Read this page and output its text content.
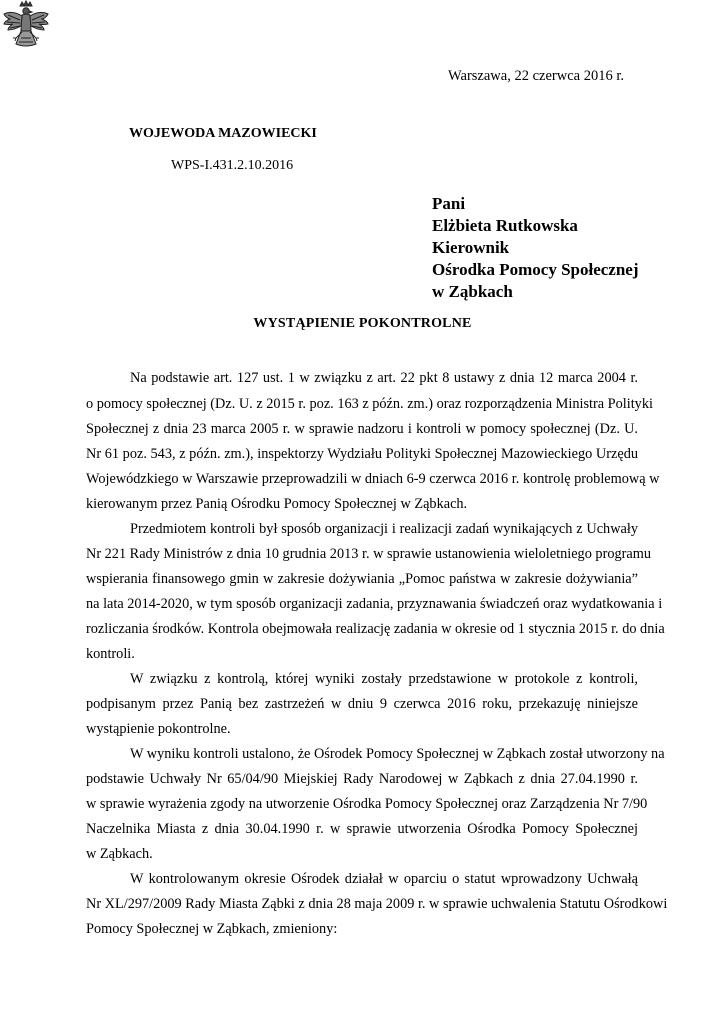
Warszawa, 22 czerwca 2016 r.
WOJEWODA MAZOWIECKI
WPS-I.431.2.10.2016
Pani
Elżbieta Rutkowska
Kierownik
Ośrodka Pomocy Społecznej
w Ząbkach
WYSTĄPIENIE POKONTROLNE
Na podstawie art. 127 ust. 1 w związku z art. 22 pkt 8 ustawy z dnia 12 marca 2004 r.
o pomocy społecznej (Dz. U. z 2015 r. poz. 163 z późn. zm.) oraz rozporządzenia Ministra Polityki
Społecznej z dnia 23 marca 2005 r. w sprawie nadzoru i kontroli w pomocy społecznej (Dz. U.
Nr 61 poz. 543, z późn. zm.), inspektorzy Wydziału Polityki Społecznej Mazowieckiego Urzędu
Wojewódzkiego w Warszawie przeprowadzili w dniach 6-9 czerwca 2016 r. kontrolę problemową w
kierowanym przez Panią Ośrodku Pomocy Społecznej w Ząbkach.
Przedmiotem kontroli był sposób organizacji i realizacji zadań wynikających z Uchwały
Nr 221 Rady Ministrów z dnia 10 grudnia 2013 r. w sprawie ustanowienia wieloletniego programu
wspierania finansowego gmin w zakresie dożywiania „Pomoc państwa w zakresie dożywiania”
na lata 2014-2020, w tym sposób organizacji zadania, przyznawania świadczeń oraz wydatkowania i
rozliczania środków. Kontrola obejmowała realizację zadania w okresie od 1 stycznia 2015 r. do dnia
kontroli.
W związku z kontrolą, której wyniki zostały przedstawione w protokole z kontroli,
podpisanym przez Panią bez zastrzeżeń w dniu 9 czerwca 2016 roku, przekazuję niniejsze
wystąpienie pokontrolne.
W wyniku kontroli ustalono, że Ośrodek Pomocy Społecznej w Ząbkach został utworzony na
podstawie Uchwały Nr 65/04/90 Miejskiej Rady Narodowej w Ząbkach z dnia 27.04.1990 r.
w sprawie wyrażenia zgody na utworzenie Ośrodka Pomocy Społecznej oraz Zarządzenia Nr 7/90
Naczelnika Miasta z dnia 30.04.1990 r. w sprawie utworzenia Ośrodka Pomocy Społecznej
w Ząbkach.
W kontrolowanym okresie Ośrodek działał w oparciu o statut wprowadzony Uchwałą
Nr XL/297/2009 Rady Miasta Ząbki z dnia 28 maja 2009 r. w sprawie uchwalenia Statutu Ośrodkowi
Pomocy Społecznej w Ząbkach, zmieniony:
